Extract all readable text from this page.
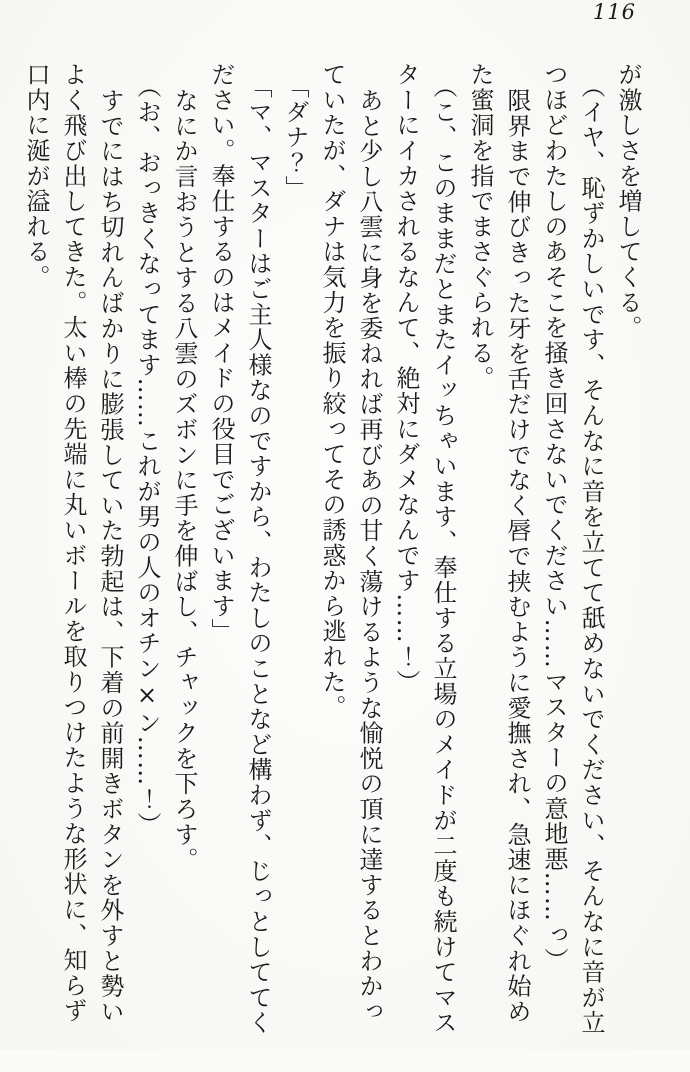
116
が激しさを増してくる。
（イヤ、恥ずかしいです、そんなに音を立てて舐めないでください、そんなに音が立
つほどわたしのあそこを掻き回さないでください……マスターの意地悪……っ）
限界まで伸びきった牙を舌だけでなく唇で挟むように愛撫され、急速にほぐれ始め
た蜜洞を指でまさぐられる。
（こ、このままだとまたイッちゃいます、奉仕する立場のメイドが二度も続けてマス
ターにイカされるなんて、絶対にダメなんです……！）
あと少し八雲に身を委ねれば再びあの甘く蕩けるような愉悦の頂に達するとわかっ
ていたが、ダナは気力を振り絞ってその誘惑から逃れた。
「ダナ？」
「マ、マスターはご主人様なのですから、わたしのことなど構わず、じっとしててく
ださい。奉仕するのはメイドの役目でございます」
なにか言おうとする八雲のズボンに手を伸ばし、チャックを下ろす。
（お、おっきくなってます……これが男の人のオチン×ン……！）
すでにはち切れんばかりに膨張していた勃起は、下着の前開きボタンを外すと勢い
よく飛び出してきた。太い棒の先端に丸いボールを取りつけたような形状に、知らず
口内に涎が溢れる。
